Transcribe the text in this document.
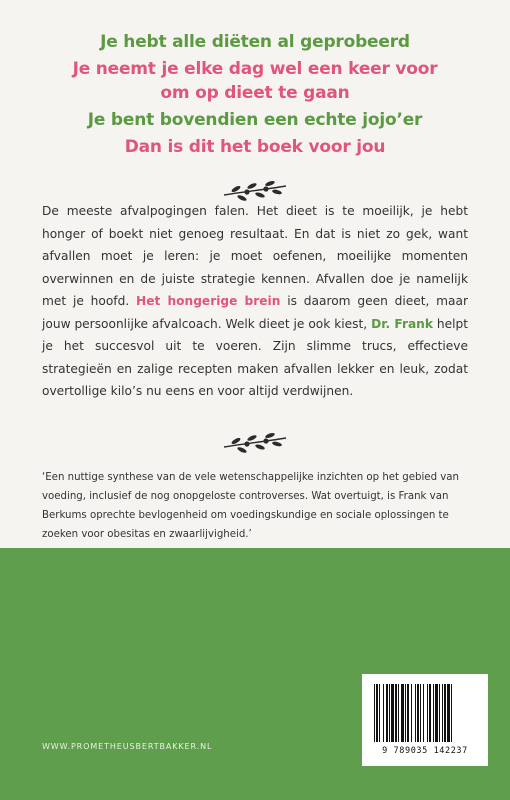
Je hebt alle diëten al geprobeerd
Je neemt je elke dag wel een keer voor
om op dieet te gaan
Je bent bovendien een echte jojo’er
Dan is dit het boek voor jou
De meeste afvalpogingen falen. Het dieet is te moeilijk, je hebt honger of boekt niet genoeg resultaat. En dat is niet zo gek, want afvallen moet je leren: je moet oefenen, moeilijke momenten overwinnen en de juiste strategie kennen. Afvallen doe je namelijk met je hoofd. Het hongerige brein is daarom geen dieet, maar jouw persoonlijke afvalcoach. Welk dieet je ook kiest, Dr. Frank helpt je het succesvol uit te voeren. Zijn slimme trucs, effectieve strategieën en zalige recepten maken afvallen lekker en leuk, zodat overtollige kilo’s nu eens en voor altijd verdwijnen.
‘Een nuttige synthese van de vele wetenschappelijke inzichten op het gebied van voeding, inclusief de nog onopgeloste controverses. Wat overtuigt, is Frank van Berkums oprechte bevlogenheid om voedingskundige en sociale oplossingen te zoeken voor obesitas en zwaarlijvigheid.’
WWW.PROMETHEUSBERTBAKKER.NL	9 789035 142237
